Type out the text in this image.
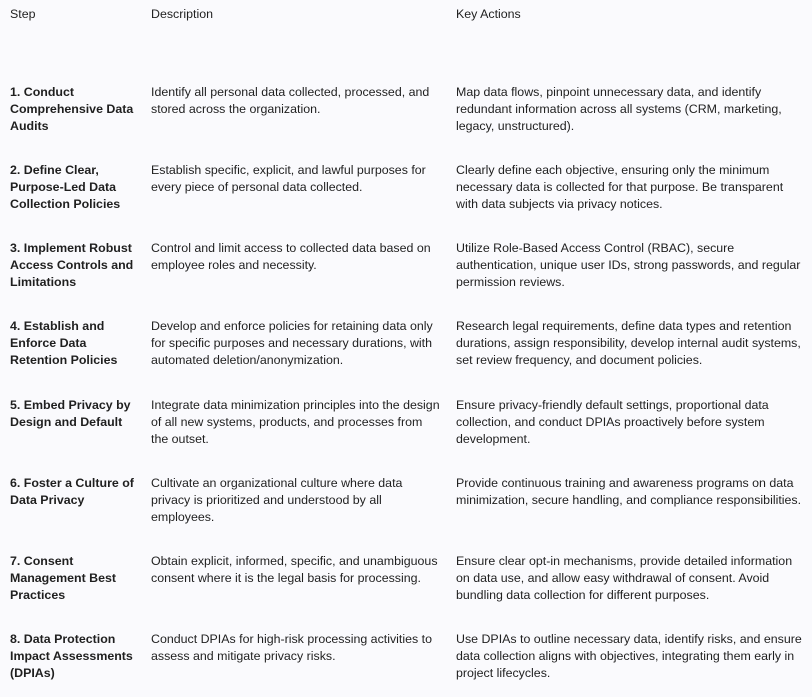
Step	Description	Key Actions
1. Conduct Comprehensive Data Audits
Identify all personal data collected, processed, and stored across the organization.
Map data flows, pinpoint unnecessary data, and identify redundant information across all systems (CRM, marketing, legacy, unstructured).
2. Define Clear, Purpose-Led Data Collection Policies
Establish specific, explicit, and lawful purposes for every piece of personal data collected.
Clearly define each objective, ensuring only the minimum necessary data is collected for that purpose. Be transparent with data subjects via privacy notices.
3. Implement Robust Access Controls and Limitations
Control and limit access to collected data based on employee roles and necessity.
Utilize Role-Based Access Control (RBAC), secure authentication, unique user IDs, strong passwords, and regular permission reviews.
4. Establish and Enforce Data Retention Policies
Develop and enforce policies for retaining data only for specific purposes and necessary durations, with automated deletion/anonymization.
Research legal requirements, define data types and retention durations, assign responsibility, develop internal audit systems, set review frequency, and document policies.
5. Embed Privacy by Design and Default
Integrate data minimization principles into the design of all new systems, products, and processes from the outset.
Ensure privacy-friendly default settings, proportional data collection, and conduct DPIAs proactively before system development.
6. Foster a Culture of Data Privacy
Cultivate an organizational culture where data privacy is prioritized and understood by all employees.
Provide continuous training and awareness programs on data minimization, secure handling, and compliance responsibilities.
7. Consent Management Best Practices
Obtain explicit, informed, specific, and unambiguous consent where it is the legal basis for processing.
Ensure clear opt-in mechanisms, provide detailed information on data use, and allow easy withdrawal of consent. Avoid bundling data collection for different purposes.
8. Data Protection Impact Assessments (DPIAs)
Conduct DPIAs for high-risk processing activities to assess and mitigate privacy risks.
Use DPIAs to outline necessary data, identify risks, and ensure data collection aligns with objectives, integrating them early in project lifecycles.
